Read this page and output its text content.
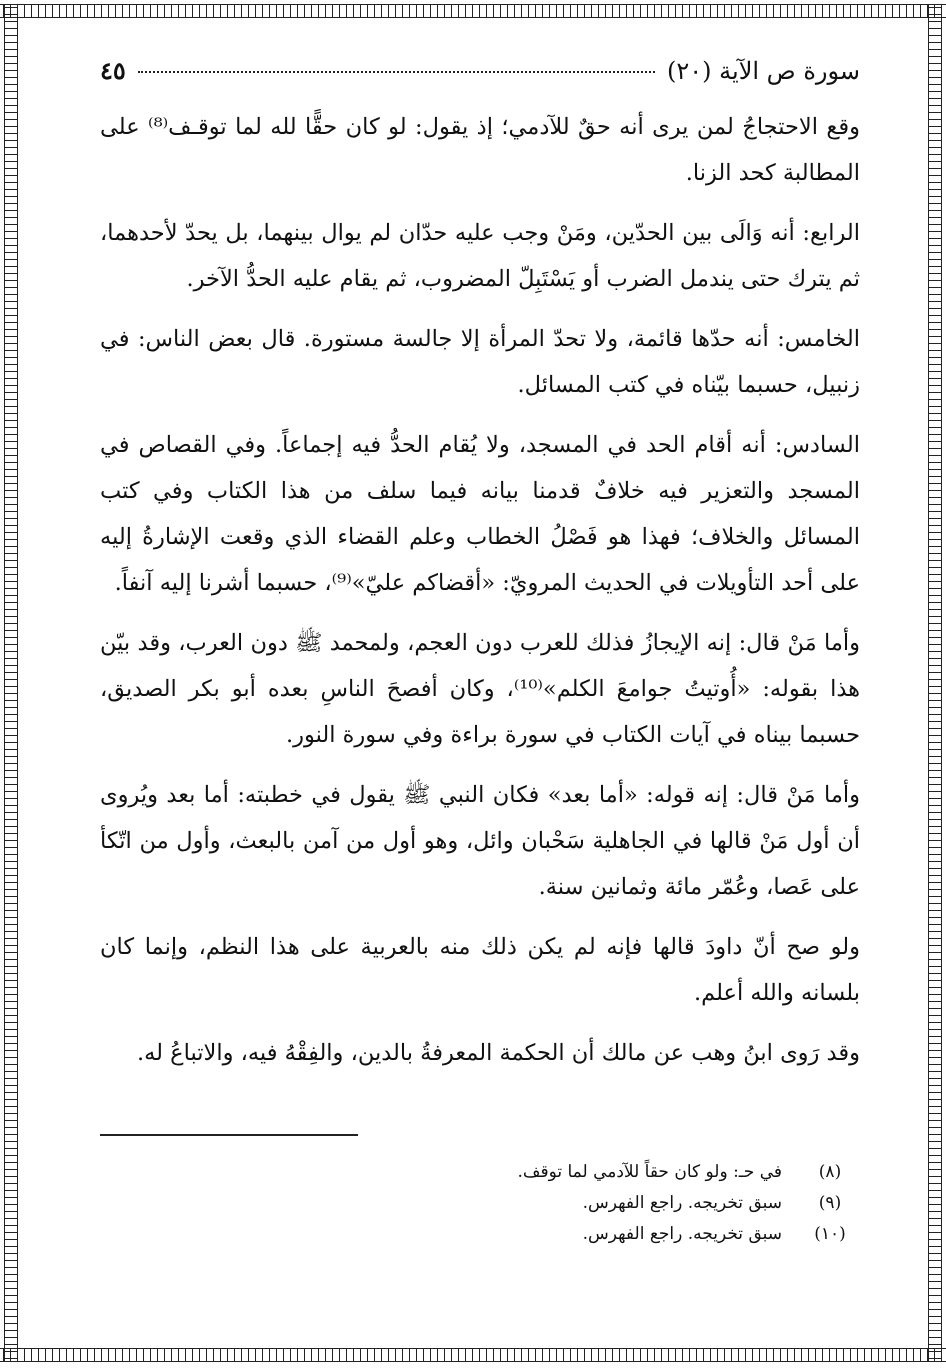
سورة ص الآية (٢٠)
٤٥

وقع الاحتجاجُ لمن يرى أنه حقٌ للآدمي؛ إذ يقول: لو كان حقًّا لله لما توقـف⁽⁸⁾ على المطالبة كحد الزنا.

الرابع: أنه وَالَى بين الحدّين، ومَنْ وجب عليه حدّان لم يوال بينهما، بل يحدّ لأحدهما، ثم يترك حتى يندمل الضرب أو يَسْتَبِلّ المضروب، ثم يقام عليه الحدُّ الآخر.

الخامس: أنه حدّها قائمة، ولا تحدّ المرأة إلا جالسة مستورة. قال بعض الناس: في زنبيل، حسبما بيّناه في كتب المسائل.

السادس: أنه أقام الحد في المسجد، ولا يُقام الحدُّ فيه إجماعاً. وفي القصاص في المسجد والتعزير فيه خلافٌ قدمنا بيانه فيما سلف من هذا الكتاب وفي كتب المسائل والخلاف؛ فهذا هو فَصْلُ الخطاب وعلم القضاء الذي وقعت الإشارةُ إليه على أحد التأويلات في الحديث المرويّ: «أقضاكم عليّ»⁽⁹⁾، حسبما أشرنا إليه آنفاً.

وأما مَنْ قال: إنه الإيجازُ فذلك للعرب دون العجم، ولمحمد ﷺ دون العرب، وقد بيّن هذا بقوله: «أُوتيتُ جوامعَ الكلم»⁽¹⁰⁾، وكان أفصحَ الناسِ بعده أبو بكر الصديق، حسبما بيناه في آيات الكتاب في سورة براءة وفي سورة النور.

وأما مَنْ قال: إنه قوله: «أما بعد» فكان النبي ﷺ يقول في خطبته: أما بعد ويُروى أن أول مَنْ قالها في الجاهلية سَحْبان وائل، وهو أول من آمن بالبعث، وأول من اتّكأ على عَصا، وعُمّر مائة وثمانين سنة.

ولو صح أنّ داودَ قالها فإنه لم يكن ذلك منه بالعربية على هذا النظم، وإنما كان بلسانه والله أعلم.

وقد رَوى ابنُ وهب عن مالك أن الحكمة المعرفةُ بالدين، والفِقْهُ فيه، والاتباعُ له.

(٨)
في حـ: ولو كان حقاً للآدمي لما توقف.
(٩)
سبق تخريجه. راجع الفهرس.
(١٠)
سبق تخريجه. راجع الفهرس.
